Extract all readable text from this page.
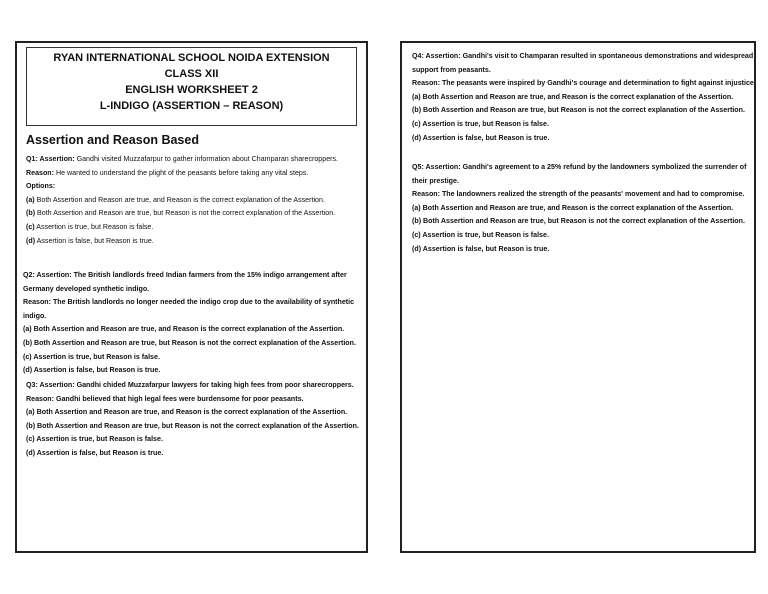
RYAN INTERNATIONAL SCHOOL NOIDA EXTENSION
CLASS XII
ENGLISH WORKSHEET 2
L-INDIGO (ASSERTION – REASON)
Assertion and Reason Based
Q1: Assertion: Gandhi visited Muzzafarpur to gather information about Champaran sharecroppers.
Reason: He wanted to understand the plight of the peasants before taking any vital steps.
Options:
(a) Both Assertion and Reason are true, and Reason is the correct explanation of the Assertion.
(b) Both Assertion and Reason are true, but Reason is not the correct explanation of the Assertion.
(c) Assertion is true, but Reason is false.
(d) Assertion is false, but Reason is true.
Q2: Assertion: The British landlords freed Indian farmers from the 15% indigo arrangement after
Germany developed synthetic indigo.
Reason: The British landlords no longer needed the indigo crop due to the availability of synthetic
indigo.
(a) Both Assertion and Reason are true, and Reason is the correct explanation of the Assertion.
(b) Both Assertion and Reason are true, but Reason is not the correct explanation of the Assertion.
(c) Assertion is true, but Reason is false.
(d) Assertion is false, but Reason is true.
Q3: Assertion: Gandhi chided Muzzafarpur lawyers for taking high fees from poor sharecroppers.
Reason: Gandhi believed that high legal fees were burdensome for poor peasants.
(a) Both Assertion and Reason are true, and Reason is the correct explanation of the Assertion.
(b) Both Assertion and Reason are true, but Reason is not the correct explanation of the Assertion.
(c) Assertion is true, but Reason is false.
(d) Assertion is false, but Reason is true.
Q4: Assertion: Gandhi's visit to Champaran resulted in spontaneous demonstrations and widespread
support from peasants.
Reason: The peasants were inspired by Gandhi's courage and determination to fight against injustice.
(a) Both Assertion and Reason are true, and Reason is the correct explanation of the Assertion.
(b) Both Assertion and Reason are true, but Reason is not the correct explanation of the Assertion.
(c) Assertion is true, but Reason is false.
(d) Assertion is false, but Reason is true.
Q5: Assertion: Gandhi's agreement to a 25% refund by the landowners symbolized the surrender of
their prestige.
Reason: The landowners realized the strength of the peasants' movement and had to compromise.
(a) Both Assertion and Reason are true, and Reason is the correct explanation of the Assertion.
(b) Both Assertion and Reason are true, but Reason is not the correct explanation of the Assertion.
(c) Assertion is true, but Reason is false.
(d) Assertion is false, but Reason is true.
